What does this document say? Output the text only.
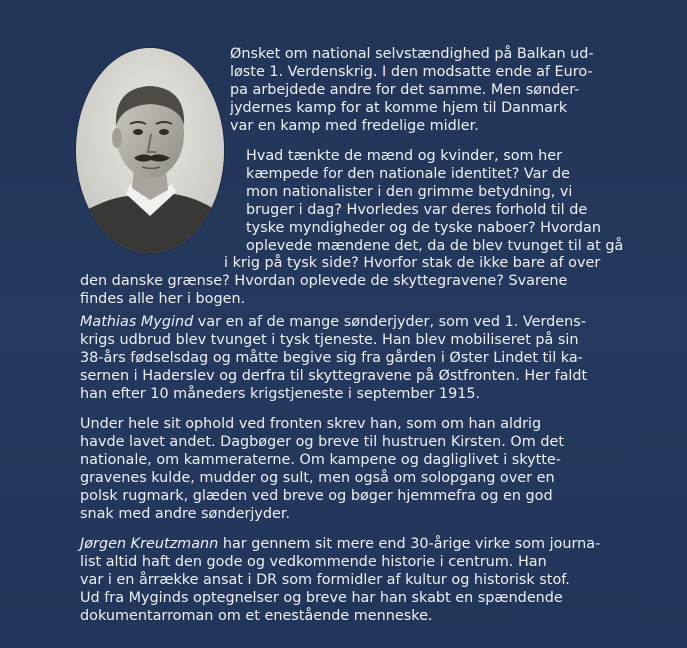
Ønsket om national selvstændighed på Balkan ud-
løste 1. Verdenskrig. I den modsatte ende af Euro-
pa arbejdede andre for det samme. Men sønder-
jydernes kamp for at komme hjem til Danmark
var en kamp med fredelige midler.
Hvad tænkte de mænd og kvinder, som her
kæmpede for den nationale identitet? Var de
mon nationalister i den grimme betydning, vi
bruger i dag? Hvorledes var deres forhold til de
tyske myndigheder og de tyske naboer? Hvordan
oplevede mændene det, da de blev tvunget til at gå
i krig på tysk side? Hvorfor stak de ikke bare af over
den danske grænse? Hvordan oplevede de skyttegravene? Svarene
findes alle her i bogen.
Mathias Mygind var en af de mange sønderjyder, som ved 1. Verdens-
krigs udbrud blev tvunget i tysk tjeneste. Han blev mobiliseret på sin
38-års fødselsdag og måtte begive sig fra gården i Øster Lindet til ka-
sernen i Haderslev og derfra til skyttegravene på Østfronten. Her faldt
han efter 10 måneders krigstjeneste i september 1915.
Under hele sit ophold ved fronten skrev han, som om han aldrig
havde lavet andet. Dagbøger og breve til hustruen Kirsten. Om det
nationale, om kammeraterne. Om kampene og dagliglivet i skytte-
gravenes kulde, mudder og sult, men også om solopgang over en
polsk rugmark, glæden ved breve og bøger hjemmefra og en god
snak med andre sønderjyder.
Jørgen Kreutzmann har gennem sit mere end 30-årige virke som journa-
list altid haft den gode og vedkommende historie i centrum. Han
var i en årrække ansat i DR som formidler af kultur og historisk stof.
Ud fra Myginds optegnelser og breve har han skabt en spændende
dokumentarroman om et enestående menneske.
